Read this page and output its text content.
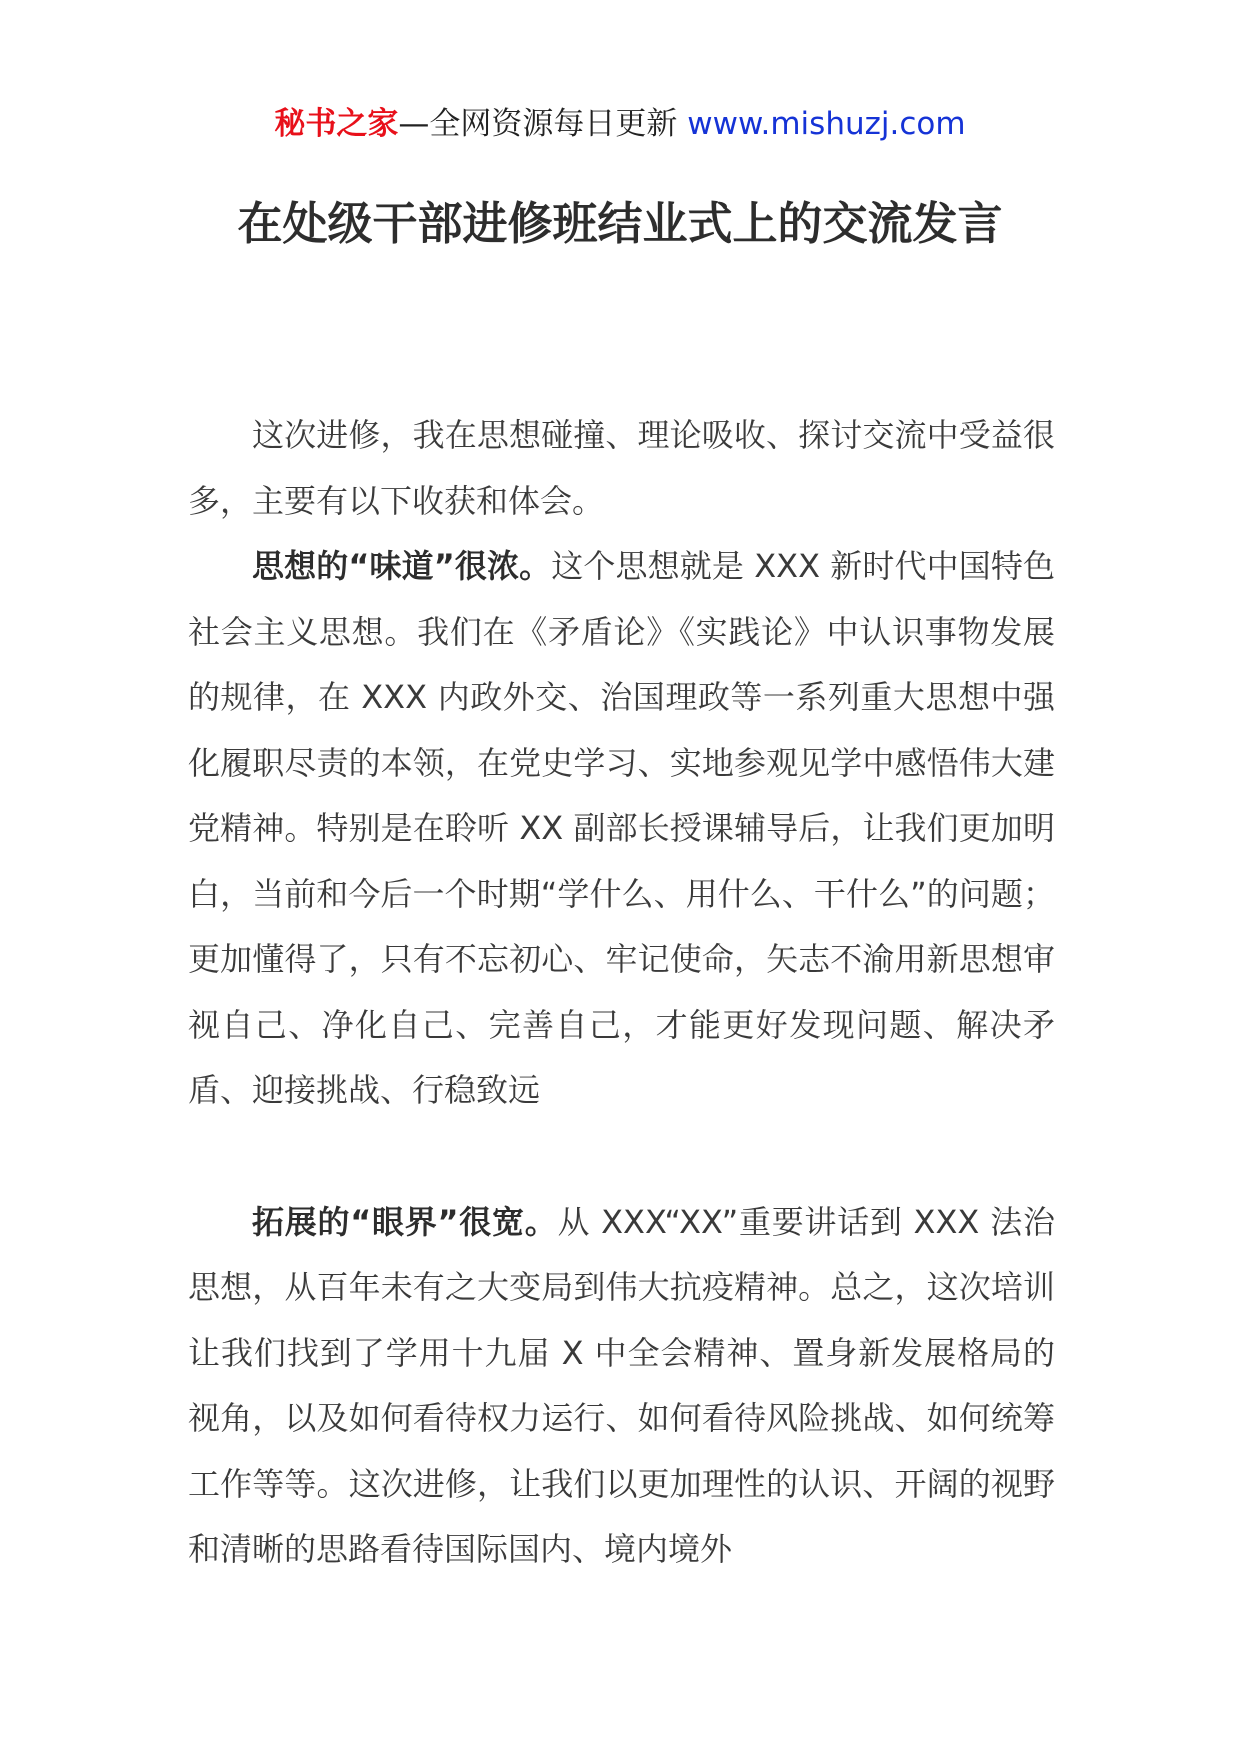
秘书之家—全网资源每日更新 www.mishuzj.com
在处级干部进修班结业式上的交流发言

这次进修，我在思想碰撞、理论吸收、探讨交流中受益很多，主要有以下收获和体会。

思想的“味道”很浓。这个思想就是 XXX 新时代中国特色社会主义思想。我们在《矛盾论》《实践论》中认识事物发展的规律，在 XXX 内政外交、治国理政等一系列重大思想中强化履职尽责的本领，在党史学习、实地参观见学中感悟伟大建党精神。特别是在聆听 XX 副部长授课辅导后，让我们更加明白，当前和今后一个时期“学什么、用什么、干什么”的问题；更加懂得了，只有不忘初心、牢记使命，矢志不渝用新思想审视自己、净化自己、完善自己，才能更好发现问题、解决矛盾、迎接挑战、行稳致远

拓展的“眼界”很宽。从 XXX“XX”重要讲话到 XXX 法治思想，从百年未有之大变局到伟大抗疫精神。总之，这次培训让我们找到了学用十九届 X 中全会精神、置身新发展格局的视角，以及如何看待权力运行、如何看待风险挑战、如何统筹工作等等。这次进修，让我们以更加理性的认识、开阔的视野和清晰的思路看待国际国内、境内境外
